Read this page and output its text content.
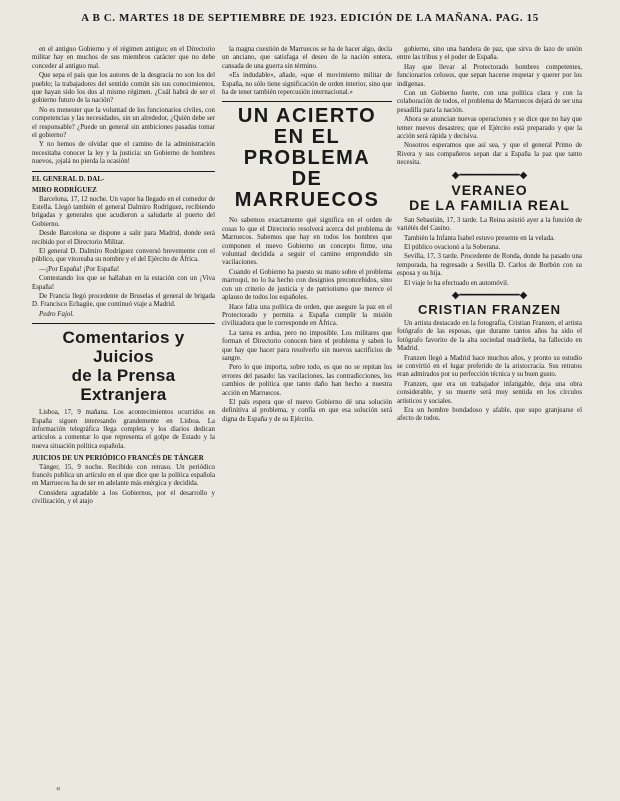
A B C. MARTES 18 DE SEPTIEMBRE DE 1923. EDICIÓN DE LA MAÑANA. PAG. 15

en el antiguo Gobierno y el régimen antiguo; en el Directorio militar hay en muchos de sus miembros carácter que no debe conceder al antiguo mal.

Que sepa el país que los autores de la desgracia no son los del pueblo; la trabajadores del sentido común sin sus conocimientos, que hayan sido los dos al mismo régimen. ¿Cuál habrá de ser el gobierno futuro de la nación?

No es menester que la voluntad de los funcionarios civiles, con competencias y las necesidades, sin un alrededor, ¿Quién debe ser el responsable? ¿Puede un general sin ambiciones pasadas tomar el gobierno?

Y no hemos de olvidar que el camino de la administración necesitaba conocer la ley y la justicia: un Gobierno de hombres nuevos, ¡ojalá no pierda la ocasión!

EL GENERAL D. DAL-
MIRO RODRÍGUEZ

Barcelona, 17, 12 noche. Un vapor ha llegado en el comedor de Estella. Llegó también el general Dalmiro Rodríguez, recibiendo brigadas y generales que acudieron a saludarle al puerto del Gobierno.

Desde Barcelona se dispone a salir para Madrid, donde será recibido por el Directorio Militar.

El general D. Dalmiro Rodríguez conversó brevemente con el público, que vitoreaba su nombre y el del Ejército de África.

—¡Por España! ¡Por España!

Contestando los que se hallaban en la estación con un ¡Viva España!

De Francia llegó procedente de Bruselas el general de brigada D. Francisco Echagüe, que continuó viaje a Madrid.

Pedro Fajol.

Comentarios y Juicios
de la Prensa Extranjera

Lisboa, 17, 9 mañana. Los acontecimientos ocurridos en España siguen interesando grandemente en Lisboa. La información telegráfica llega completa y los diarios dedican artículos a comentar lo que representa el golpe de Estado y la nueva situación política española.

JUICIOS DE UN PERIÓDICO FRANCÉS DE TÁNGER

Tánger, 15, 9 noche. Recibido con retraso. Un periódico francés publica un artículo en el que dice que la política española en Marruecos ha de ser en adelante más enérgica y decidida.

Considera agradable a los Gobiernos, por el desarrollo y civilización, y el atajo

la magna cuestión de Marruecos se ha de hacer algo, decía un anciano, que satisfaga el deseo de la nación entera, cansada de una guerra sin término.

«Es indudable», añade, «que el movimiento militar de España, no sólo tiene significación de orden interior, sino que ha de tener también repercusión internacional.»

UN ACIERTO
EN EL PROBLEMA
DE MARRUECOS

No sabemos exactamente qué significa en el orden de cosas lo que el Directorio resolverá acerca del problema de Marruecos. Sabemos que hay en todos los hombres que componen el nuevo Gobierno un concepto firme, una voluntad decidida a seguir el camino emprendido sin vacilaciones.

Cuando el Gobierno ha puesto su mano sobre el problema marroquí, no lo ha hecho con designios preconcebidos, sino con un criterio de justicia y de patriotismo que merece el aplauso de todos los españoles.

Hace falta una política de orden, que asegure la paz en el Protectorado y permita a España cumplir la misión civilizadora que le corresponde en África.

La tarea es ardua, pero no imposible. Los militares que forman el Directorio conocen bien el problema y saben lo que hay que hacer para resolverlo sin nuevos sacrificios de sangre.

Pero lo que importa, sobre todo, es que no se repitan los errores del pasado: las vacilaciones, las contradicciones, los cambios de política que tanto daño han hecho a nuestra acción en Marruecos.

El país espera que el nuevo Gobierno dé una solución definitiva al problema, y confía en que esa solución será digna de España y de su Ejército.

gobierno, sino una bandera de paz, que sirva de lazo de unión entre las tribus y el poder de España.

Hay que llevar al Protectorado hombres competentes, funcionarios celosos, que sepan hacerse respetar y querer por los indígenas.

Con un Gobierno fuerte, con una política clara y con la colaboración de todos, el problema de Marruecos dejará de ser una pesadilla para la nación.

Ahora se anuncian nuevas operaciones y se dice que no hay que temer nuevos desastres; que el Ejército está preparado y que la acción será rápida y decisiva.

Nosotros esperamos que así sea, y que el general Primo de Rivera y sus compañeros sepan dar a España la paz que tanto necesita.

◆━━━━━━━━━━◆
VERANEO
DE LA FAMILIA REAL

San Sebastián, 17, 3 tarde. La Reina asistió ayer a la función de variétés del Casino.

También la Infanta Isabel estuvo presente en la velada.

El público ovacionó a la Soberana.

Sevilla, 17, 3 tarde. Procedente de Ronda, donde ha pasado una temporada, ha regresado a Sevilla D. Carlos de Borbón con su esposa y su hija.

El viaje lo ha efectuado en automóvil.

◆━━━━━━━━━━◆
CRISTIAN FRANZEN

Un artista destacado en la fotografía, Cristian Franzen, el artista fotógrafo de las esposas, que durante tantos años ha sido el fotógrafo favorito de la alta sociedad madrileña, ha fallecido en Madrid.

Franzen llegó a Madrid hace muchos años, y pronto su estudio se convirtió en el lugar preferido de la aristocracia. Sus retratos eran admirados por su perfección técnica y su buen gusto.

Franzen, que era un trabajador infatigable, deja una obra considerable, y su muerte será muy sentida en los círculos artísticos y sociales.

Era un hombre bondadoso y afable, que supo granjearse el afecto de todos.

«
